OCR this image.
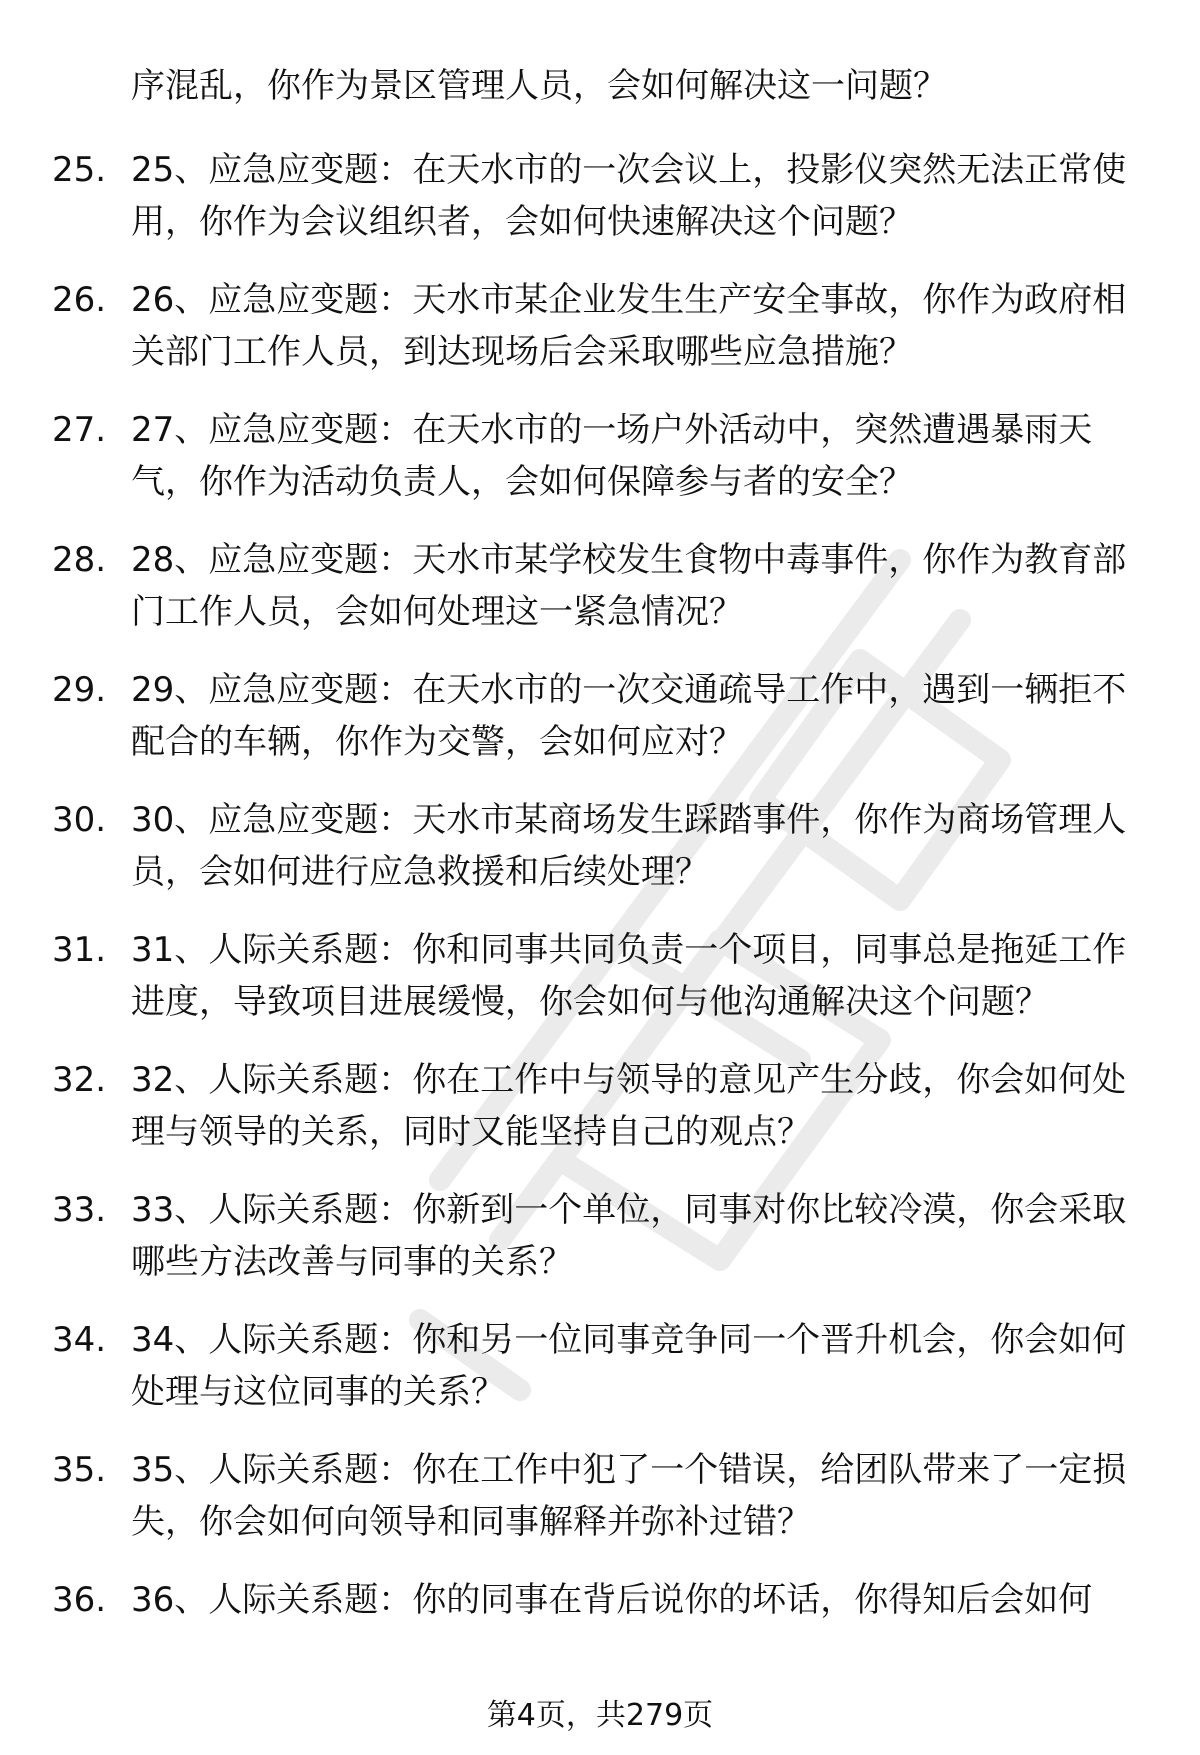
序混乱，你作为景区管理人员，会如何解决这一问题？
25. 25、应急应变题：在天水市的一次会议上，投影仪突然无法正常使用，你作为会议组织者，会如何快速解决这个问题？
26. 26、应急应变题：天水市某企业发生生产安全事故，你作为政府相关部门工作人员，到达现场后会采取哪些应急措施？
27. 27、应急应变题：在天水市的一场户外活动中，突然遭遇暴雨天气，你作为活动负责人，会如何保障参与者的安全？
28. 28、应急应变题：天水市某学校发生食物中毒事件，你作为教育部门工作人员，会如何处理这一紧急情况？
29. 29、应急应变题：在天水市的一次交通疏导工作中，遇到一辆拒不配合的车辆，你作为交警，会如何应对？
30. 30、应急应变题：天水市某商场发生踩踏事件，你作为商场管理人员，会如何进行应急救援和后续处理？
31. 31、人际关系题：你和同事共同负责一个项目，同事总是拖延工作进度，导致项目进展缓慢，你会如何与他沟通解决这个问题？
32. 32、人际关系题：你在工作中与领导的意见产生分歧，你会如何处理与领导的关系，同时又能坚持自己的观点？
33. 33、人际关系题：你新到一个单位，同事对你比较冷漠，你会采取哪些方法改善与同事的关系？
34. 34、人际关系题：你和另一位同事竞争同一个晋升机会，你会如何处理与这位同事的关系？
35. 35、人际关系题：你在工作中犯了一个错误，给团队带来了一定损失，你会如何向领导和同事解释并弥补过错？
36. 36、人际关系题：你的同事在背后说你的坏话，你得知后会如何
第4页，共279页
